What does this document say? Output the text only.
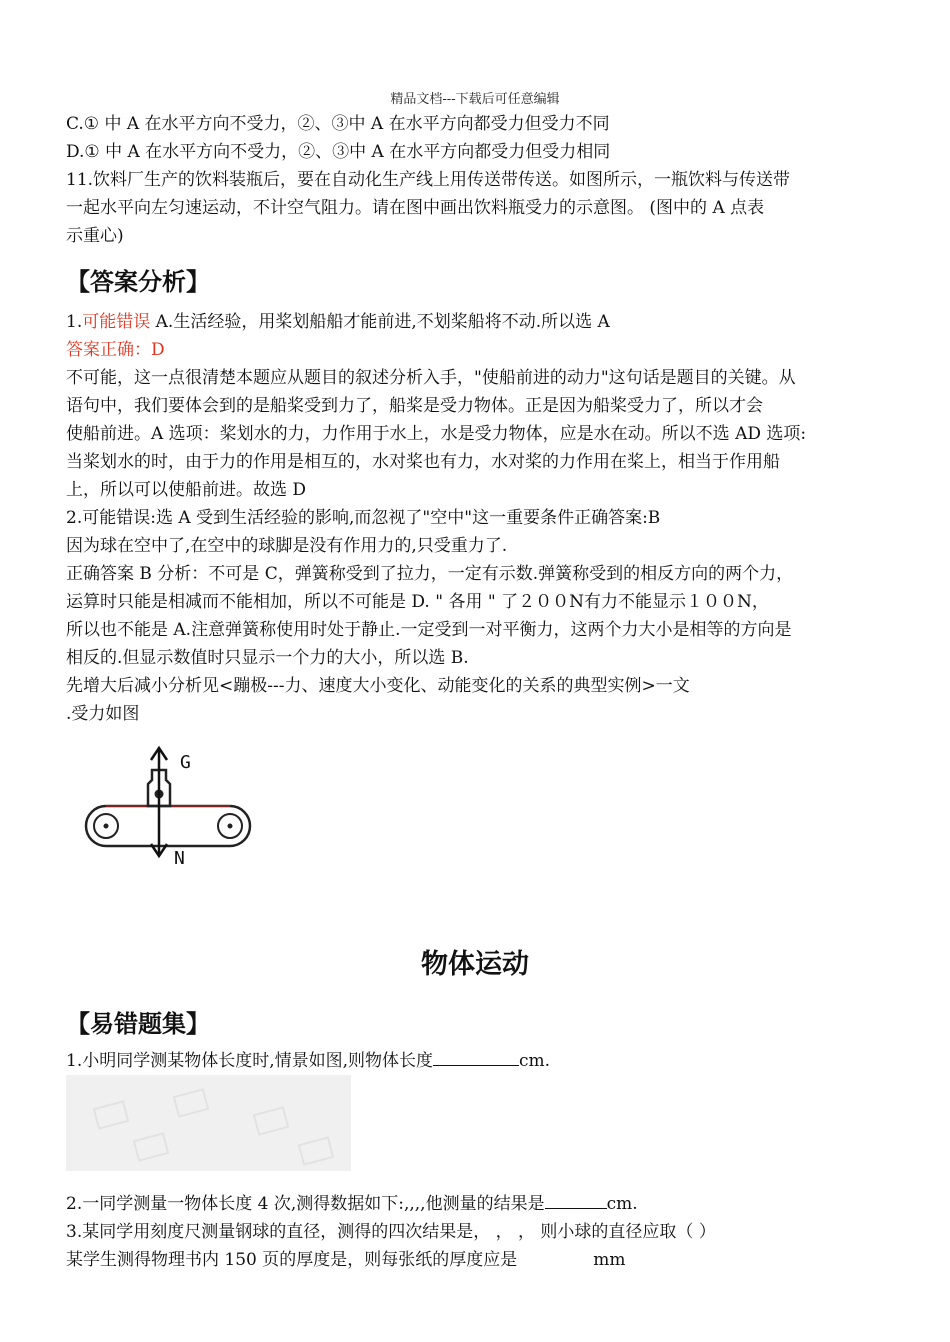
精品文档---下载后可任意编辑
C.① 中 A 在水平方向不受力，②、③中 A 在水平方向都受力但受力不同
D.① 中 A 在水平方向不受力，②、③中 A 在水平方向都受力但受力相同
11.饮料厂生产的饮料装瓶后，要在自动化生产线上用传送带传送。如图所示，一瓶饮料与传送带
一起水平向左匀速运动，不计空气阻力。请在图中画出饮料瓶受力的示意图。 (图中的 A 点表
示重心)
【答案分析】
1.可能错误 A.生活经验，用桨划船船才能前进,不划桨船将不动.所以选 A
答案正确：D
不可能，这一点很清楚本题应从题目的叙述分析入手，"使船前进的动力"这句话是题目的关键。从
语句中，我们要体会到的是船桨受到力了，船桨是受力物体。正是因为船桨受力了，所以才会
使船前进。A 选项：桨划水的力，力作用于水上，水是受力物体，应是水在动。所以不选 AD 选项:
当桨划水的时，由于力的作用是相互的，水对桨也有力，水对桨的力作用在桨上，相当于作用船
上，所以可以使船前进。故选 D
2.可能错误:选 A 受到生活经验的影响,而忽视了"空中"这一重要条件正确答案:B
因为球在空中了,在空中的球脚是没有作用力的,只受重力了.
正确答案 B 分析：不可是 C，弹簧称受到了拉力，一定有示数.弹簧称受到的相反方向的两个力，
运算时只能是相减而不能相加，所以不可能是 D. " 各用 " 了２００N有力不能显示１００N，
所以也不能是 A.注意弹簧称使用时处于静止.一定受到一对平衡力，这两个力大小是相等的方向是
相反的.但显示数值时只显示一个力的大小，所以选 B.
先增大后减小分析见<蹦极---力、速度大小变化、动能变化的关系的典型实例>一文
.受力如图
G
N
物体运动
【易错题集】
1.小明同学测某物体长度时,情景如图,则物体长度	cm.
2.一同学测量一物体长度 4 次,测得数据如下:,,,,他测量的结果是	cm.
3.某同学用刻度尺测量钢球的直径，测得的四次结果是， ， ， 则小球的直径应取（ ）
某学生测得物理书内 150 页的厚度是，则每张纸的厚度应是	mm
